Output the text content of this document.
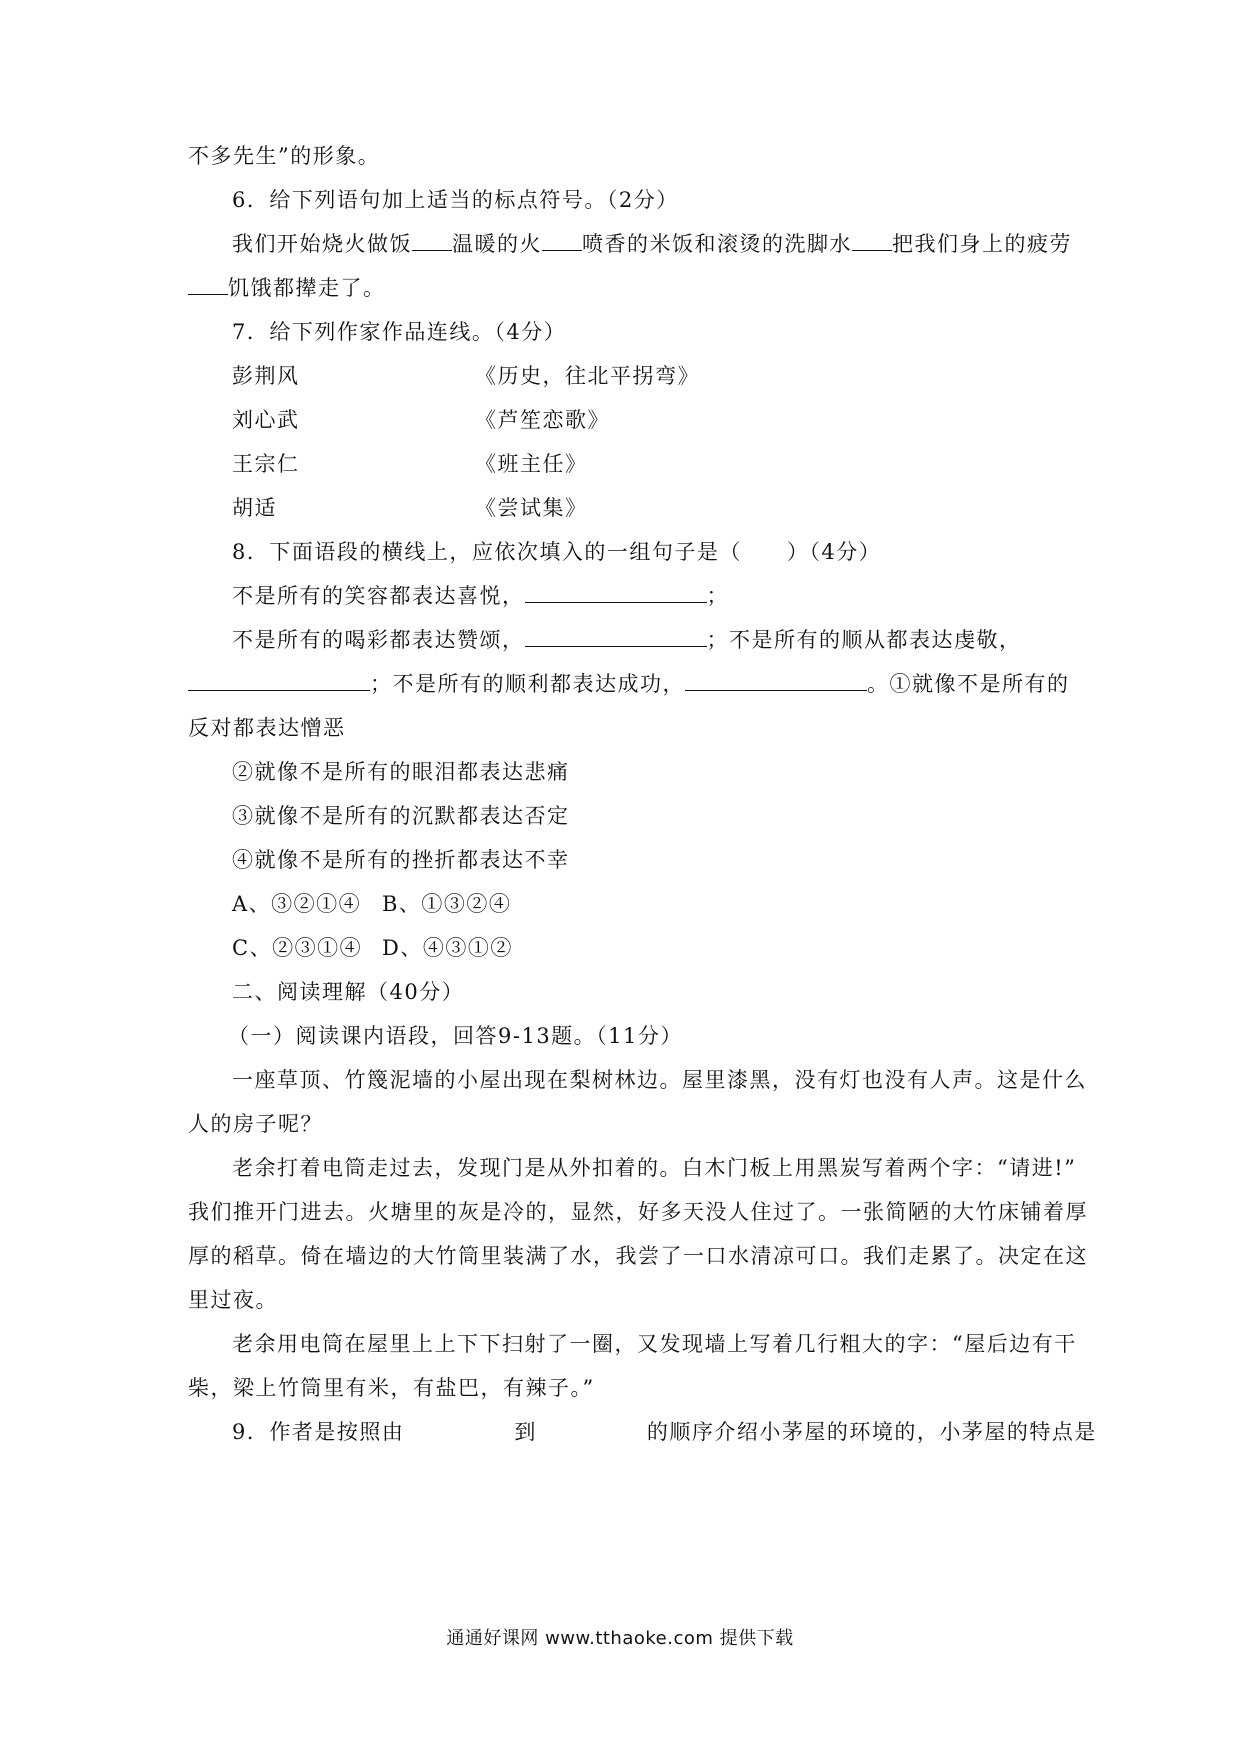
不多先生”的形象。
6．给下列语句加上适当的标点符号。（2分）
我们开始烧火做饭 温暖的火 喷香的米饭和滚烫的洗脚水 把我们身上的疲劳
饥饿都撵走了。
7．给下列作家作品连线。（4分）
彭荆风	《历史，往北平拐弯》
刘心武	《芦笙恋歌》
王宗仁	《班主任》
胡适	《尝试集》
8．下面语段的横线上，应依次填入的一组句子是（　　）（4分）
不是所有的笑容都表达喜悦，	；
不是所有的喝彩都表达赞颂，	；不是所有的顺从都表达虔敬，
；不是所有的顺利都表达成功，	。①就像不是所有的
反对都表达憎恶
②就像不是所有的眼泪都表达悲痛
③就像不是所有的沉默都表达否定
④就像不是所有的挫折都表达不幸
A、③②①④ B、①③②④
C、②③①④ D、④③①②
二、阅读理解（40分）
（一）阅读课内语段，回答9-13题。（11分）
一座草顶、竹篾泥墙的小屋出现在梨树林边。屋里漆黑，没有灯也没有人声。这是什么
人的房子呢？
老余打着电筒走过去，发现门是从外扣着的。白木门板上用黑炭写着两个字：“请进!”
我们推开门进去。火塘里的灰是冷的，显然，好多天没人住过了。一张简陋的大竹床铺着厚
厚的稻草。倚在墙边的大竹筒里装满了水，我尝了一口水清凉可口。我们走累了。决定在这
里过夜。
老余用电筒在屋里上上下下扫射了一圈，又发现墙上写着几行粗大的字：“屋后边有干
柴，梁上竹筒里有米，有盐巴，有辣子。”
9．作者是按照由	到	的顺序介绍小茅屋的环境的，小茅屋的特点是
通通好课网 www.tthaoke.com 提供下载
